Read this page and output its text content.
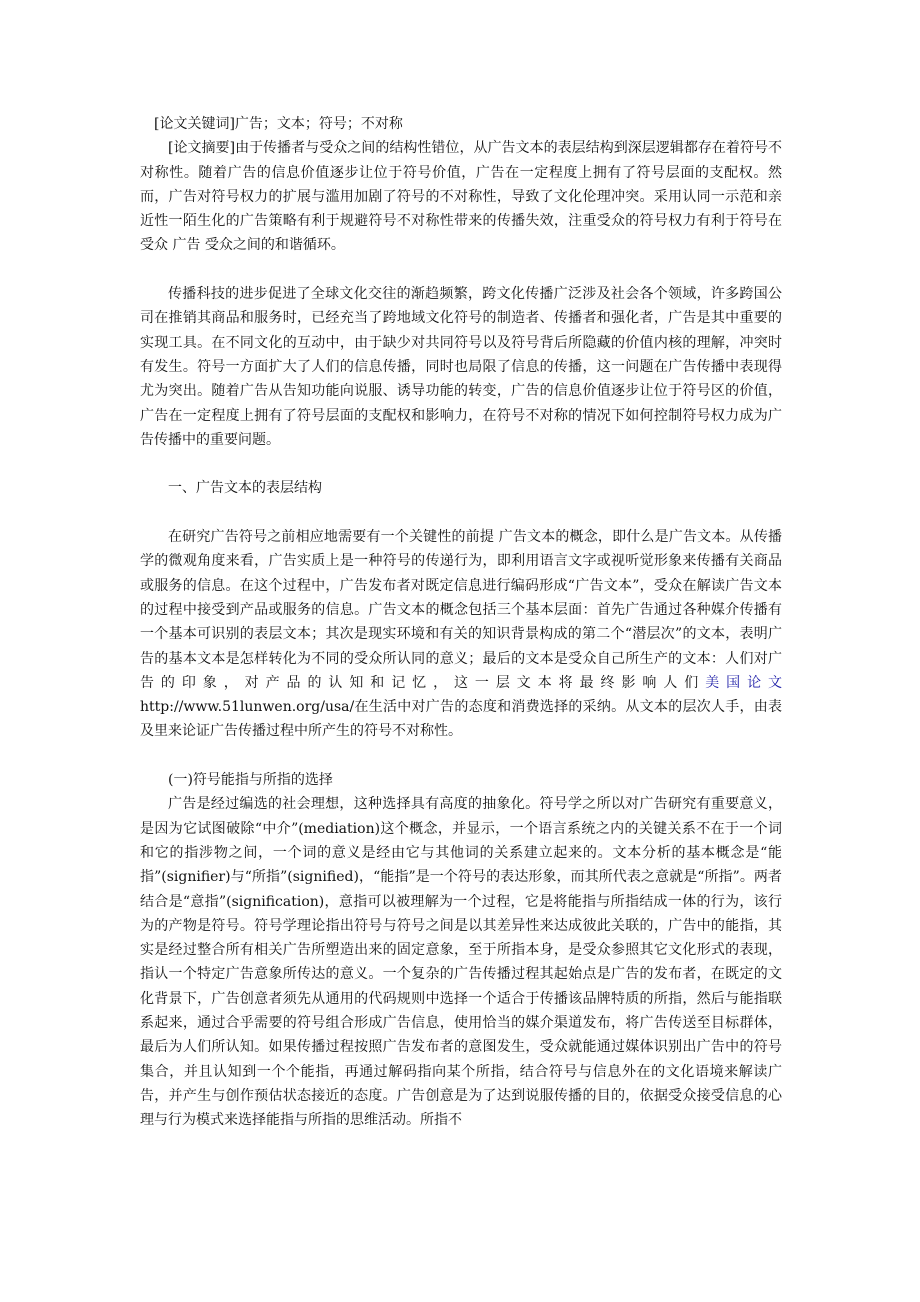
[论文关键词]广告；文本；符号；不对称

[论文摘要]由于传播者与受众之间的结构性错位，从广告文本的表层结构到深层逻辑都存在着符号不对称性。随着广告的信息价值逐步让位于符号价值，广告在一定程度上拥有了符号层面的支配权。然而，广告对符号权力的扩展与滥用加剧了符号的不对称性，导致了文化伦理冲突。采用认同一示范和亲近性一陌生化的广告策略有利于规避符号不对称性带来的传播失效，注重受众的符号权力有利于符号在受众 广告 受众之间的和谐循环。

传播科技的进步促进了全球文化交往的渐趋频繁，跨文化传播广泛涉及社会各个领域，许多跨国公司在推销其商品和服务时，已经充当了跨地域文化符号的制造者、传播者和强化者，广告是其中重要的实现工具。在不同文化的互动中，由于缺少对共同符号以及符号背后所隐藏的价值内核的理解，冲突时有发生。符号一方面扩大了人们的信息传播，同时也局限了信息的传播，这一问题在广告传播中表现得尤为突出。随着广告从告知功能向说服、诱导功能的转变，广告的信息价值逐步让位于符号区的价值，广告在一定程度上拥有了符号层面的支配权和影响力，在符号不对称的情况下如何控制符号权力成为广告传播中的重要问题。

一、广告文本的表层结构

在研究广告符号之前相应地需要有一个关键性的前提 广告文本的概念，即什么是广告文本。从传播学的微观角度来看，广告实质上是一种符号的传递行为，即利用语言文字或视听觉形象来传播有关商品或服务的信息。在这个过程中，广告发布者对既定信息进行编码形成“广告文本”，受众在解读广告文本的过程中接受到产品或服务的信息。广告文本的概念包括三个基本层面：首先广告通过各种媒介传播有一个基本可识别的表层文本；其次是现实环境和有关的知识背景构成的第二个“潜层次”的文本，表明广告的基本文本是怎样转化为不同的受众所认同的意义；最后的文本是受众自己所生产的文本：人们对广告的印象，对产品的认知和记忆，这一层文本将最终影响人们美国论文 http://www.51lunwen.org/usa/在生活中对广告的态度和消费选择的采纳。从文本的层次人手，由表及里来论证广告传播过程中所产生的符号不对称性。

(一)符号能指与所指的选择

广告是经过编选的社会理想，这种选择具有高度的抽象化。符号学之所以对广告研究有重要意义，是因为它试图破除“中介”(mediation)这个概念，并显示，一个语言系统之内的关键关系不在于一个词和它的指涉物之间，一个词的意义是经由它与其他词的关系建立起来的。文本分析的基本概念是“能指”(signifier)与“所指”(signified)，“能指”是一个符号的表达形象，而其所代表之意就是“所指”。两者结合是“意指”(signification)，意指可以被理解为一个过程，它是将能指与所指结成一体的行为，该行为的产物是符号。符号学理论指出符号与符号之间是以其差异性来达成彼此关联的，广告中的能指，其实是经过整合所有相关广告所塑造出来的固定意象，至于所指本身，是受众参照其它文化形式的表现，指认一个特定广告意象所传达的意义。一个复杂的广告传播过程其起始点是广告的发布者，在既定的文化背景下，广告创意者须先从通用的代码规则中选择一个适合于传播该品牌特质的所指，然后与能指联系起来，通过合乎需要的符号组合形成广告信息，使用恰当的媒介渠道发布，将广告传送至目标群体，最后为人们所认知。如果传播过程按照广告发布者的意图发生，受众就能通过媒体识别出广告中的符号集合，并且认知到一个个能指，再通过解码指向某个所指，结合符号与信息外在的文化语境来解读广告，并产生与创作预估状态接近的态度。广告创意是为了达到说服传播的目的，依据受众接受信息的心理与行为模式来选择能指与所指的思维活动。所指不
